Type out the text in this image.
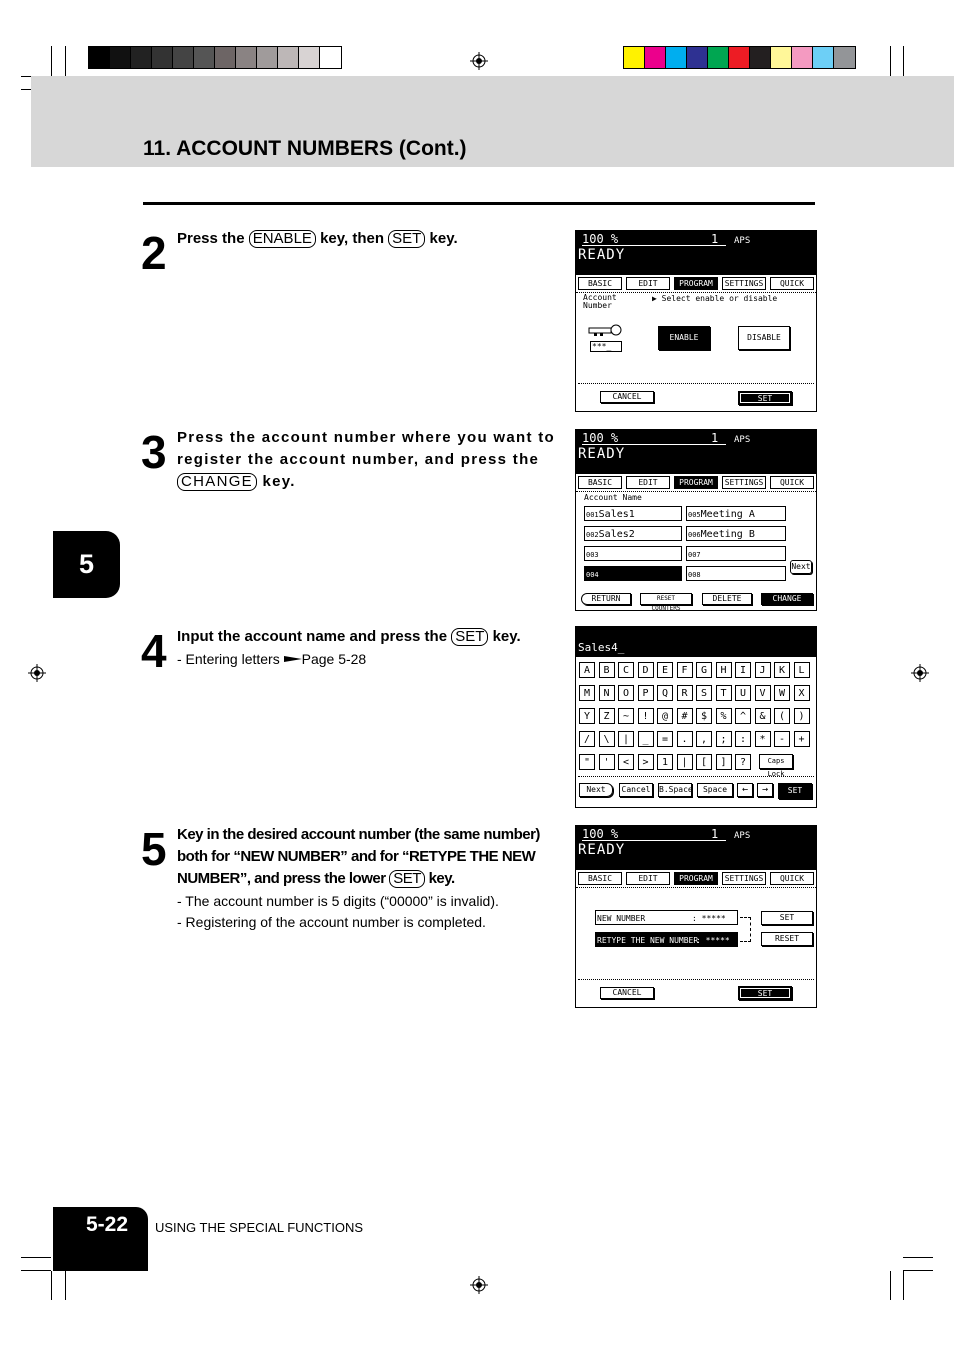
11. ACCOUNT NUMBERS (Cont.)
5
2 Press the ENABLE key, then SET key.	100 %	1 APS
READY
BASIC	EDIT	PROGRAM	SETTINGS	QUICK
Account
Number
▶ Select enable or disable
***_
ENABLE	DISABLE
CANCEL	SET
3 Press the account number where you want to
register the account number, and press the
CHANGE key.
100 %	1 APS
READY
BASIC	EDIT	PROGRAM	SETTINGS	QUICK
Account Name
001Sales1	005Meeting A
002Sales2	006Meeting B
003	007
004	008
Next
RETURN	RESET COUNTERS
DELETE	CHANGE
4 Input the account name and press the SET key.
- Entering letters Page 5-28
Sales4_
A	B	C	D	E	F	G	H	I	J	K	L
M	N	O	P	Q	R	S	T	U	V	W	X
Y	Z	~	!	@	#	$	%	^	&	(	)
/	\	|	_	=	.	,	;	:	*	-	+
"	'	<	>	1	|	[	]	?	Caps Lock
Next	Cancel	B.Space	Space	←	→	SET
5 Key in the desired account number (the same number)
both for “NEW NUMBER” and for “RETYPE THE NEW
NUMBER”, and press the lower SET key.
- The account number is 5 digits (“00000” is invalid).
- Registering of the account number is completed.
100 %	1 APS
READY
BASIC	EDIT	PROGRAM	SETTINGS	QUICK
NEW NUMBER	: *****
RETYPE THE NEW NUMBER
: *****
SET
RESET
CANCEL	SET
5-22 USING THE SPECIAL FUNCTIONS
